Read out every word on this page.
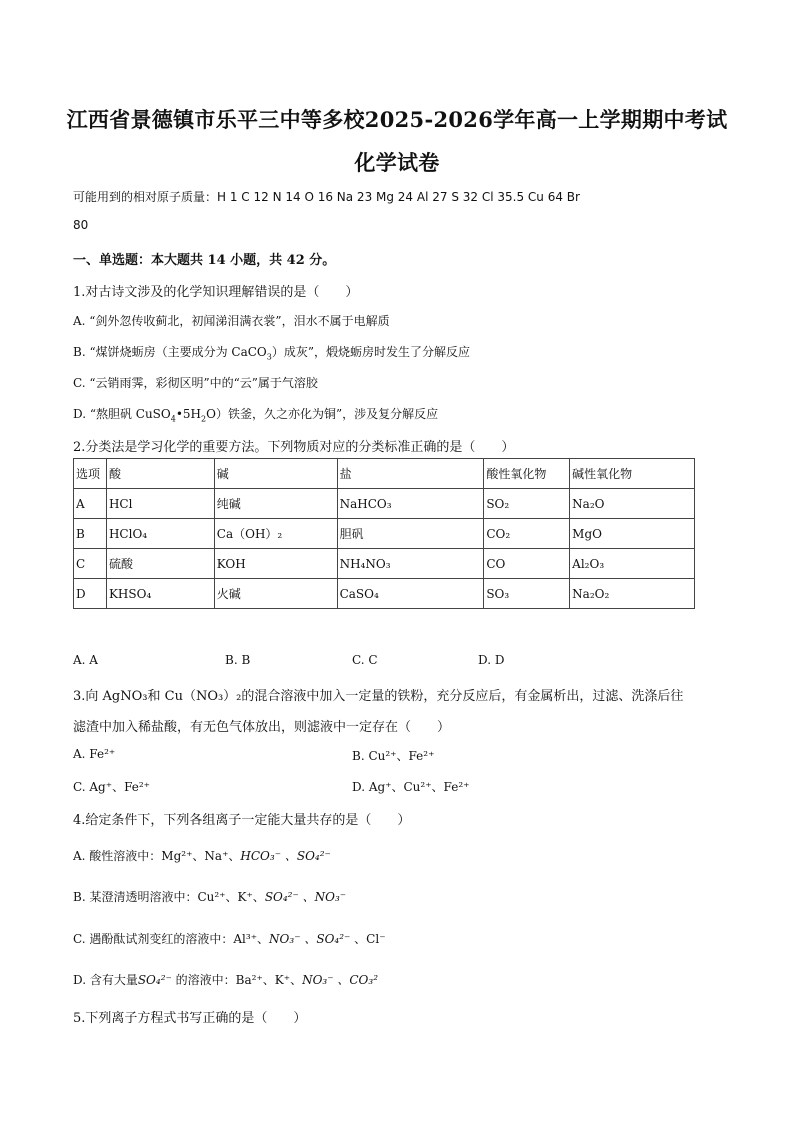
江西省景德镇市乐平三中等多校2025-2026学年高一上学期期中考试
化学试卷
可能用到的相对原子质量：H 1 C 12 N 14 O 16 Na 23 Mg 24 Al 27 S 32 Cl 35.5 Cu 64 Br
80
一、单选题：本大题共 14 小题，共 42 分。
1.对古诗文涉及的化学知识理解错误的是（　　）
A. “剑外忽传收蓟北，初闻涕泪满衣裳”，泪水不属于电解质
B. “煤饼烧蛎房（主要成分为 CaCO$_3$）成灰”，煅烧蛎房时发生了分解反应
C. “云销雨霁，彩彻区明”中的“云”属于气溶胶
D. “熬胆矾 $CuSO_4•5H_2O$）铁釜，久之亦化为铜”，涉及复分解反应
2.分类法是学习化学的重要方法。下列物质对应的分类标准正确的是（　　）
选项	酸	碱	盐	酸性氧化物	碱性氧化物
A	HCl	纯碱	NaHCO₃	SO₂	Na₂O
B	HClO₄	Ca（OH）₂	胆矾	CO₂	MgO
C	硫酸	KOH	NH₄NO₃	CO	Al₂O₃
D	KHSO₄	火碱	CaSO₄	SO₃	Na₂O₂
A. A	B. B	C. C	D. D
3.向 AgNO₃和 Cu（NO₃）₂的混合溶液中加入一定量的铁粉，充分反应后，有金属析出，过滤、洗涤后往
滤渣中加入稀盐酸，有无色气体放出，则滤液中一定存在（　　）
A. Fe²⁺	B. Cu²⁺、Fe²⁺
C. Ag⁺、Fe²⁺	D. Ag⁺、Cu²⁺、Fe²⁺
4.给定条件下，下列各组离子一定能大量共存的是（　　）
A. 酸性溶液中：Mg²⁺、Na⁺、HCO₃⁻ 、SO₄²⁻
B. 某澄清透明溶液中：Cu²⁺、K⁺、SO₄²⁻ 、NO₃⁻
C. 遇酚酞试剂变红的溶液中：Al³⁺、NO₃⁻ 、SO₄²⁻ 、Cl⁻
D. 含有大量SO₄²⁻ 的溶液中：Ba²⁺、K⁺、NO₃⁻ 、CO₃²
5.下列离子方程式书写正确的是（　　）
